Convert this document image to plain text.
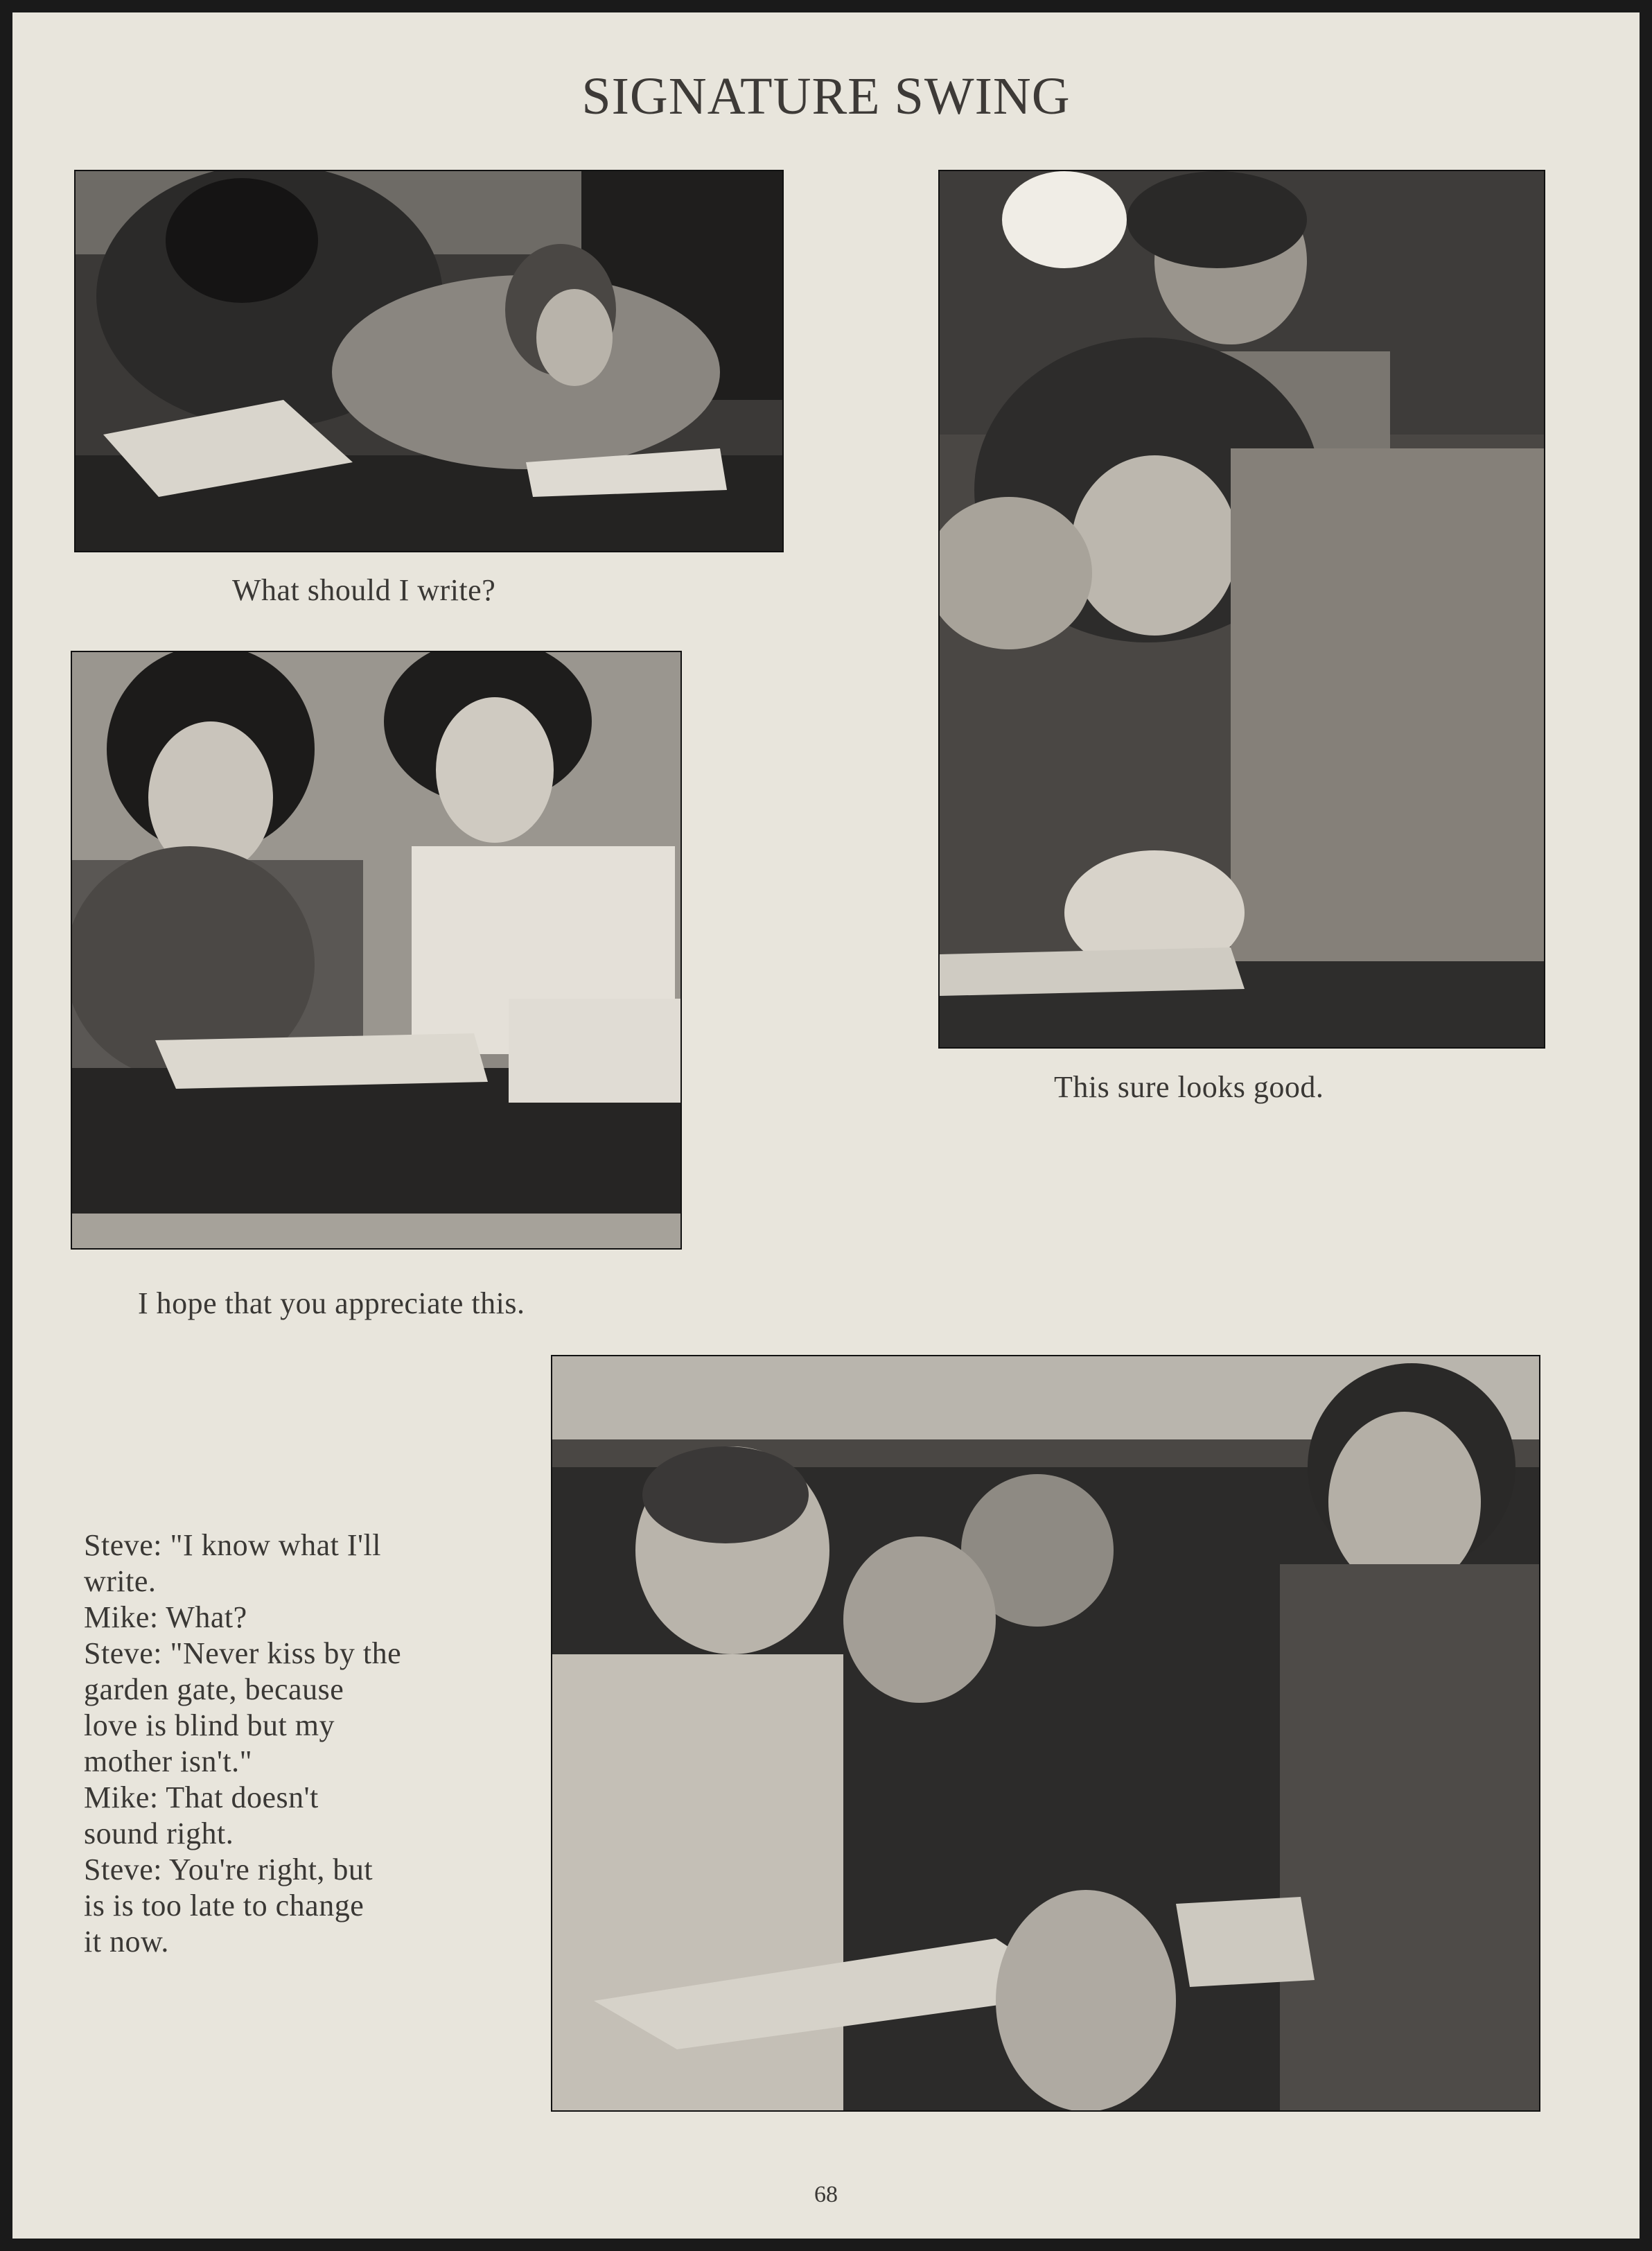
SIGNATURE SWING
What should I write?
This sure looks good.
I hope that you appreciate this.
Steve: "I know what I'll
write.
Mike: What?
Steve: "Never kiss by the
garden gate, because
love is blind but my
mother isn't."
Mike: That doesn't
sound right.
Steve: You're right, but
is is too late to change
it now.
68
